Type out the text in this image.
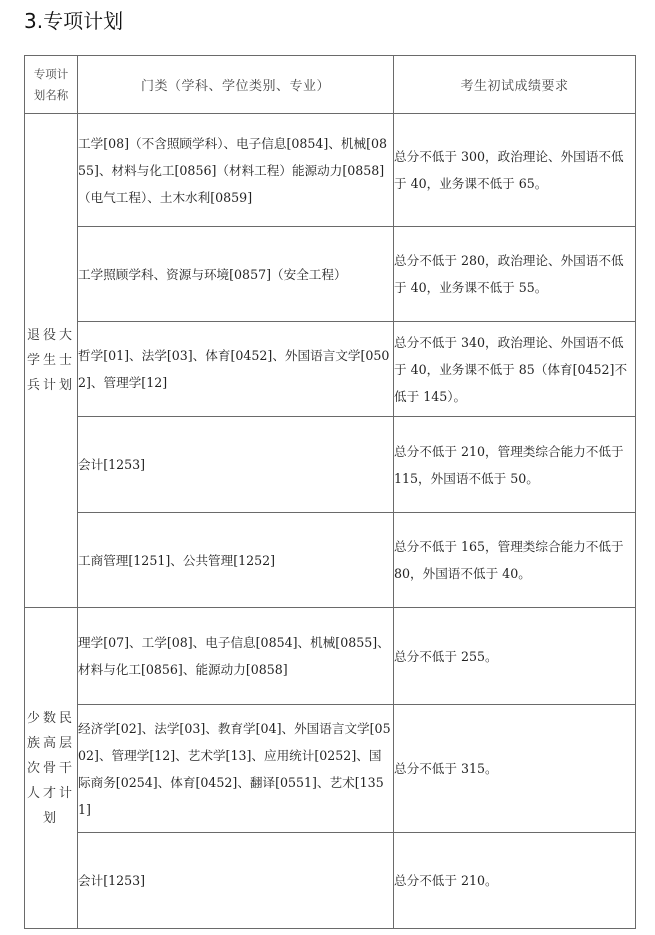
3.专项计划
专项计划名称	门类（学科、学位类别、专业）	考生初试成绩要求

退役大学生士兵计划	工学[08]（不含照顾学科）、电子信息[0854]、机械[0855]、材料与化工[0856]（材料工程）能源动力[0858]（电气工程）、土木水利[0859]	总分不低于 300，政治理论、外国语不低于 40，业务课不低于 65。

	工学照顾学科、资源与环境[0857]（安全工程）	总分不低于 280，政治理论、外国语不低于 40，业务课不低于 55。

	哲学[01]、法学[03]、体育[0452]、外国语言文学[0502]、管理学[12]	总分不低于 340，政治理论、外国语不低于 40，业务课不低于 85（体育[0452]不低于 145）。

	会计[1253]	总分不低于 210，管理类综合能力不低于 115，外国语不低于 50。

	工商管理[1251]、公共管理[1252]	总分不低于 165，管理类综合能力不低于 80，外国语不低于 40。

少数民族高层次骨干人才计划	理学[07]、工学[08]、电子信息[0854]、机械[0855]、材料与化工[0856]、能源动力[0858]	总分不低于 255。

	经济学[02]、法学[03]、教育学[04]、外国语言文学[0502]、管理学[12]、艺术学[13]、应用统计[0252]、国际商务[0254]、体育[0452]、翻译[0551]、艺术[1351]	总分不低于 315。

	会计[1253]	总分不低于 210。
